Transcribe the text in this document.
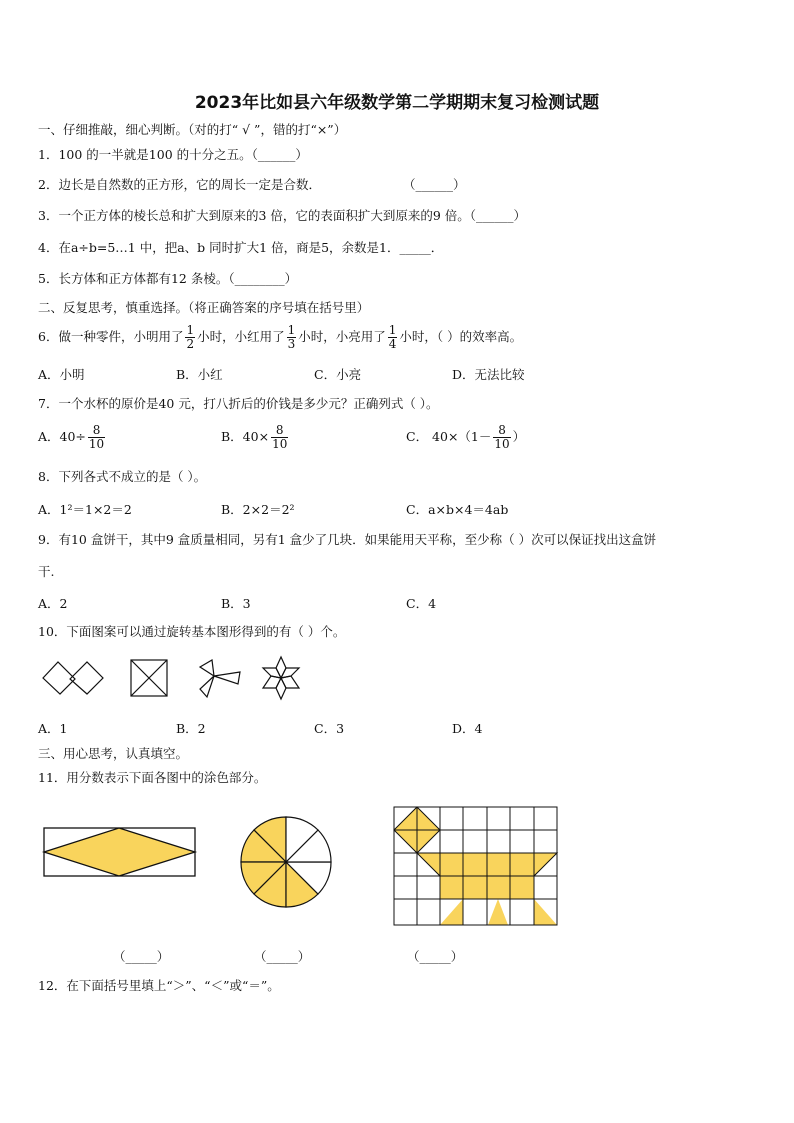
2023年比如县六年级数学第二学期期末复习检测试题
一、仔细推敲，细心判断。（对的打“ √ ”，错的打“×”）
1．100 的一半就是100 的十分之五。（______）
2．边长是自然数的正方形，它的周长一定是合数．	（______）
3．一个正方体的棱长总和扩大到原来的3 倍，它的表面积扩大到原来的9 倍。（______）
4．在a÷b=5…1 中，把a、b 同时扩大1 倍，商是5，余数是1．_____．
5．长方体和正方体都有12 条棱。（________）
二、反复思考，慎重选择。（将正确答案的序号填在括号里）
6．做一种零件，小明用了 $\frac{1}{2}$ 小时，小红用了 $\frac{1}{3}$ 小时，小亮用了 $\frac{1}{4}$ 小时，（ ）的效率高。
A．小明	B．小红	C．小亮	D．无法比较
7．一个水杯的原价是40 元，打八折后的价钱是多少元？正确列式（ ）。
A．$40\div \frac{8}{10}$	B．$40\times \frac{8}{10}$	C． $40\times(1- \frac{8}{10}$ ）
8．下列各式不成立的是（ ）。
A．1²＝1×2＝2	B．2×2＝2²	C．a×b×4＝4ab
9．有10 盒饼干，其中9 盒质量相同，另有1 盒少了几块．如果能用天平称，至少称（ ）次可以保证找出这盒饼
干.
A．2	B．3	C．4
10．下面图案可以通过旋转基本图形得到的有（ ）个。
A．1	B．2	C．3	D．4
三、用心思考，认真填空。
11．用分数表示下面各图中的涂色部分。
（_____）	（_____）	（_____）
12．在下面括号里填上“＞”、“＜”或“＝”。
